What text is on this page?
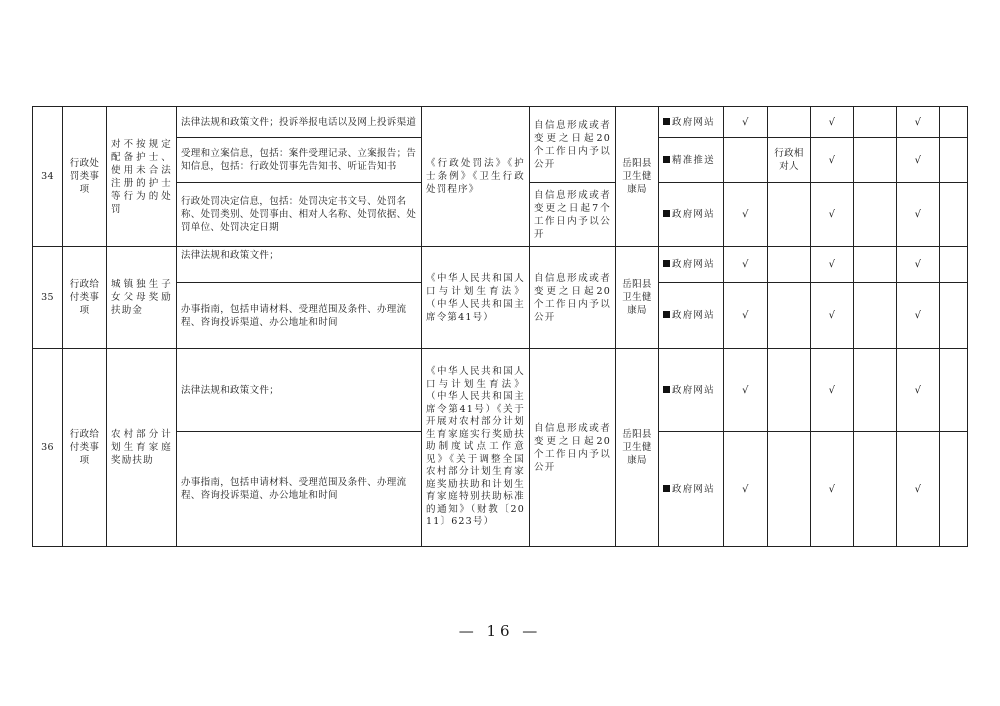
34	行政处罚类事项	对不按规定配备护士、使用未合法注册的护士等行为的处罚	法律法规和政策文件；投诉举报电话以及网上投诉渠道	《行政处罚法》《护士条例》《卫生行政处罚程序》	自信息形成或者变更之日起20个工作日内予以公开	岳阳县卫生健康局	政府网站	√		√		√	
			受理和立案信息，包括：案件受理记录、立案报告；告知信息，包括：行政处罚事先告知书、听证告知书				精准推送		行政相对人	√		√	
			行政处罚决定信息，包括：处罚决定书文号、处罚名称、处罚类别、处罚事由、相对人名称、处罚依据、处罚单位、处罚决定日期		自信息形成或者变更之日起7个工作日内予以公开		政府网站	√		√		√	
35	行政给付类事项	城镇独生子女父母奖励扶助金	法律法规和政策文件；	《中华人民共和国人口与计划生育法》（中华人民共和国主席令第41号）	自信息形成或者变更之日起20个工作日内予以公开	岳阳县卫生健康局	政府网站	√		√		√	
			办事指南，包括申请材料、受理范围及条件、办理流程、咨询投诉渠道、办公地址和时间				政府网站	√		√		√	
36	行政给付类事项	农村部分计划生育家庭奖励扶助	法律法规和政策文件；	《中华人民共和国人口与计划生育法》（中华人民共和国主席令第41号）《关于开展对农村部分计划生育家庭实行奖励扶助制度试点工作意见》《关于调整全国农村部分计划生育家庭奖励扶助和计划生育家庭特别扶助标准的通知》（财教〔2011〕623号）	自信息形成或者变更之日起20个工作日内予以公开	岳阳县卫生健康局	政府网站	√		√		√	
			办事指南，包括申请材料、受理范围及条件、办理流程、咨询投诉渠道、办公地址和时间				政府网站	√		√		√	
— 16 —
